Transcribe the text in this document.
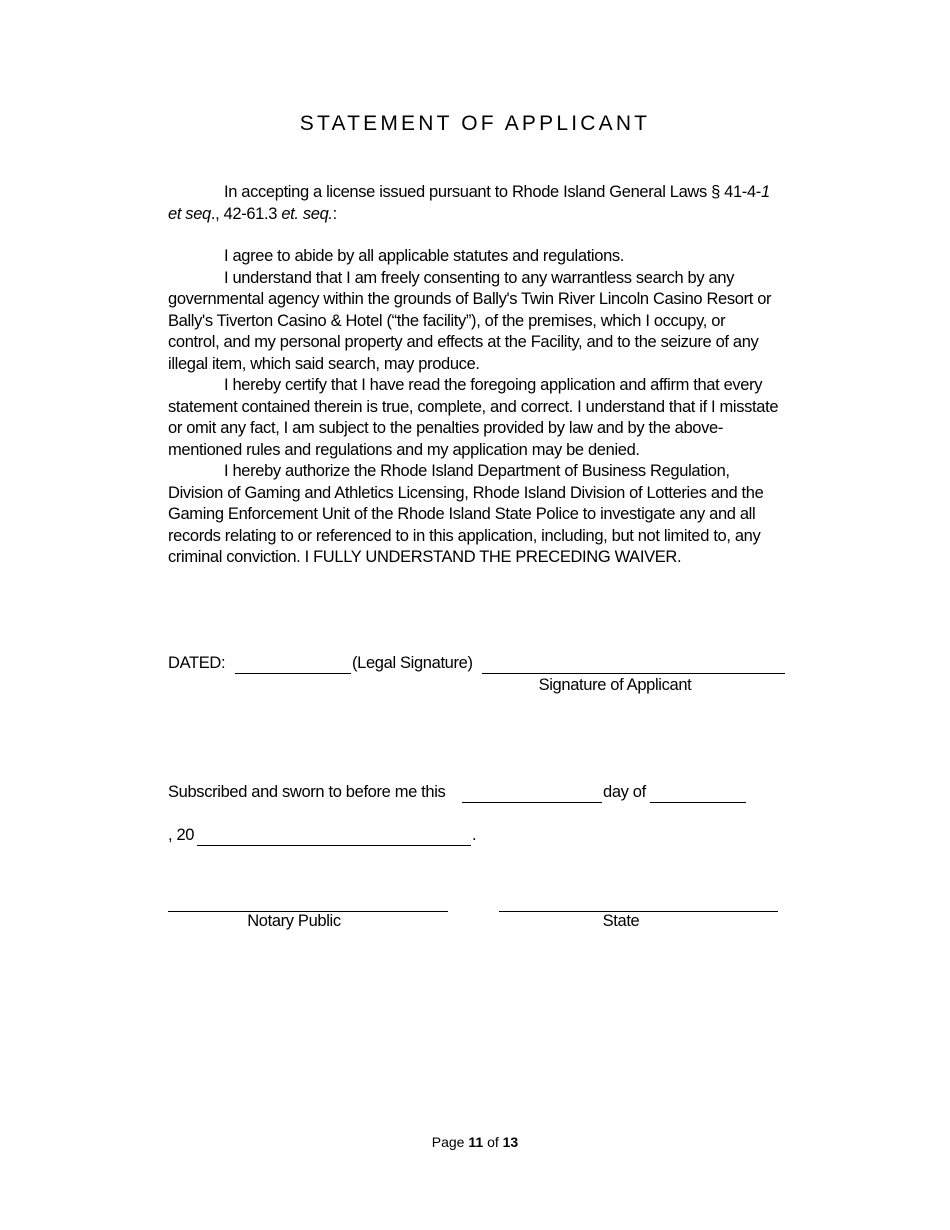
STATEMENT OF APPLICANT

In accepting a license issued pursuant to Rhode Island General Laws § 41-4-1 et seq., 42-61.3 et. seq.:

I agree to abide by all applicable statutes and regulations.

I understand that I am freely consenting to any warrantless search by any governmental agency within the grounds of Bally's Twin River Lincoln Casino Resort or Bally's Tiverton Casino & Hotel (“the facility”), of the premises, which I occupy, or control, and my personal property and effects at the Facility, and to the seizure of any illegal item, which said search, may produce.

I hereby certify that I have read the foregoing application and affirm that every statement contained therein is true, complete, and correct. I understand that if I misstate or omit any fact, I am subject to the penalties provided by law and by the above-mentioned rules and regulations and my application may be denied.

I hereby authorize the Rhode Island Department of Business Regulation, Division of Gaming and Athletics Licensing, Rhode Island Division of Lotteries and the Gaming Enforcement Unit of the Rhode Island State Police to investigate any and all records relating to or referenced to in this application, including, but not limited to, any criminal conviction. I FULLY UNDERSTAND THE PRECEDING WAIVER.

DATED:	(Legal Signature)
Signature of Applicant
Subscribed and sworn to before me this	day of
, 20	.
Notary Public	State
Page 11 of 13
